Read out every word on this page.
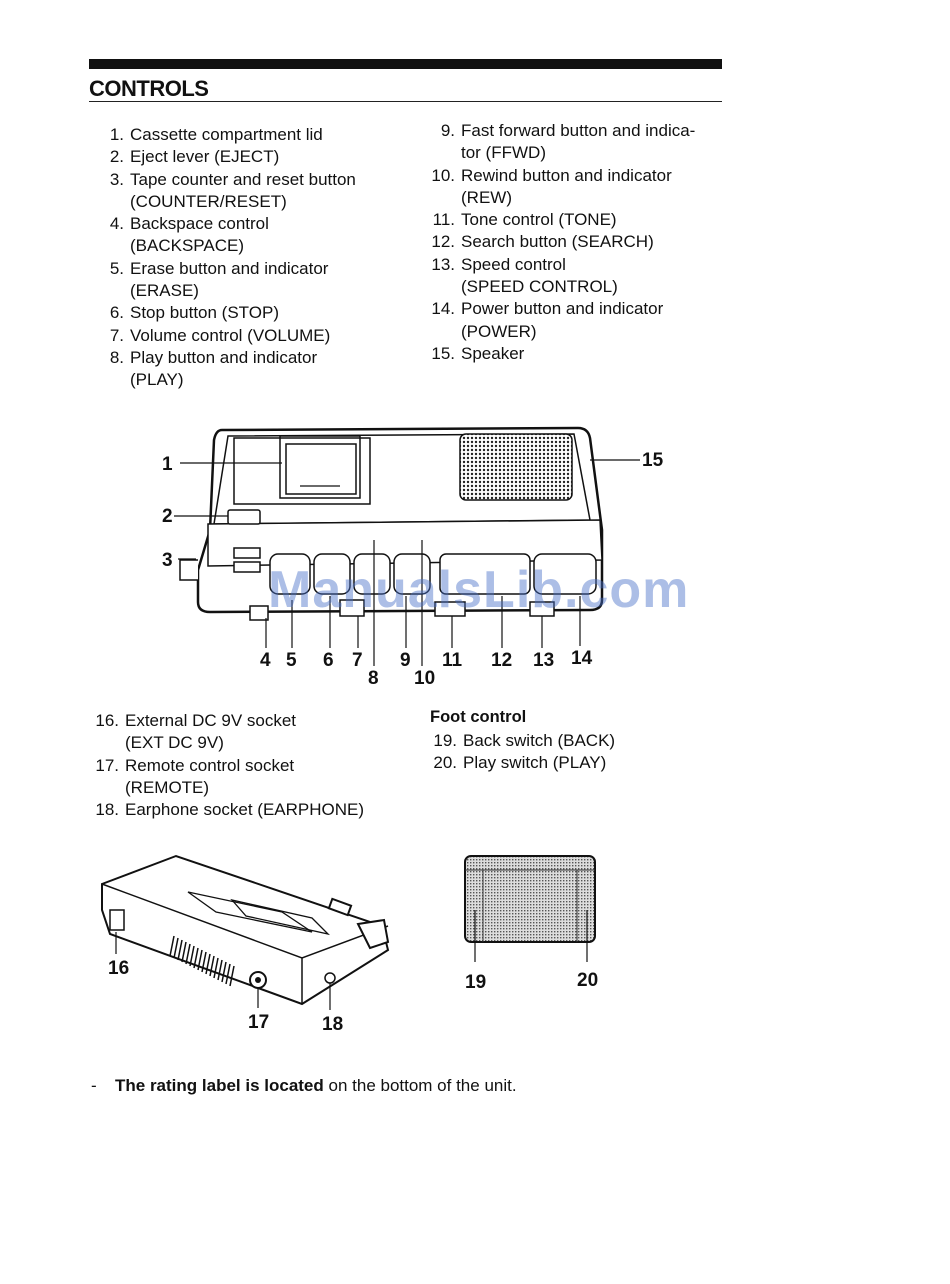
CONTROLS
1. Cassette compartment lid
2. Eject lever (EJECT)
3. Tape counter and reset button
(COUNTER/RESET)
4. Backspace control
(BACKSPACE)
5. Erase button and indicator
(ERASE)
6. Stop button (STOP)
7. Volume control (VOLUME)
8. Play button and indicator
(PLAY)
9. Fast forward button and indica-
tor (FFWD)
10. Rewind button and indicator
(REW)
11. Tone control (TONE)
12. Search button (SEARCH)
13. Speed control
(SPEED CONTROL)
14. Power button and indicator
(POWER)
15. Speaker
1
2
3
4 5 6 7
8
9
10
11 12 13 14
15
ManualsLib.com
16. External DC 9V socket
(EXT DC 9V)
17. Remote control socket
(REMOTE)
18. Earphone socket (EARPHONE)
Foot control
19. Back switch (BACK)
20. Play switch (PLAY)
16
17	18
19	20
- The rating label is located on the bottom of the unit.
